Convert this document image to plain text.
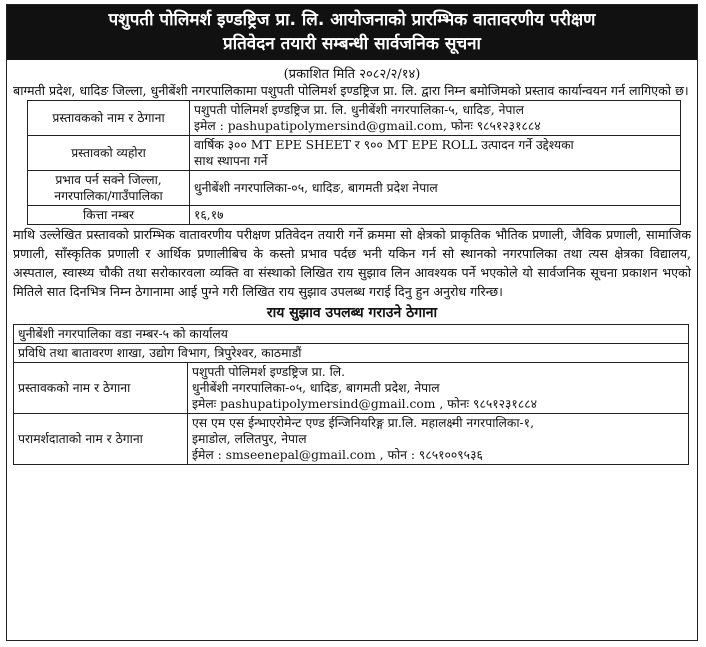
पशुपती पोलिमर्श इण्डष्ट्रिज प्रा. लि. आयोजनाको प्रारम्भिक वातावरणीय परीक्षण
प्रतिवेदन तयारी सम्बन्धी सार्वजनिक सूचना
(प्रकाशित मिति २०८२/२/१४)
बाग्मती प्रदेश, धादिङ जिल्ला, धुनीबेंशी नगरपालिकामा पशुपती पोलिमर्श इण्डष्ट्रिज प्रा. लि. द्वारा निम्न बमोजिमको प्रस्ताव कार्यान्वयन गर्न लागिएको छ।
प्रस्तावकको नाम र ठेगाना	पशुपती पोलिमर्श इण्डष्ट्रिज प्रा. लि. धुनीबेंशी नगरपालिका-५, धादिङ, नेपाल
इमेल : pashupatipolymersind@gmail.com, फोनः ९८५१२३१८८४

प्रस्तावको व्यहोरा	वार्षिक ३०० MT EPE SHEET र ९०० MT EPE ROLL उत्पादन गर्ने उद्देश्यका
साथ स्थापना गर्ने

प्रभाव पर्न सक्ने जिल्ला, नगरपालिका/गाउँपालिका	धुनीबेंशी नगरपालिका-०५, धादिङ, बागमती प्रदेश नेपाल
कित्ता नम्बर	१६,१७
माथि उल्लेखित प्रस्तावको प्रारम्भिक वातावरणीय परीक्षण प्रतिवेदन तयारी गर्ने क्रममा सो क्षेत्रको प्राकृतिक भौतिक प्रणाली, जैविक प्रणाली, सामाजिक प्रणाली, साँस्कृतिक प्रणाली र आर्थिक प्रणालीबिच के कस्तो प्रभाव पर्दछ भनी यकिन गर्न सो स्थानको नगरपालिका तथा त्यस क्षेत्रका विद्यालय, अस्पताल, स्वास्थ्य चौकी तथा सरोकारवला व्यक्ति वा संस्थाको लिखित राय सुझाव लिन आवश्यक पर्ने भएकोले यो सार्वजनिक सूचना प्रकाशन भएको मितिले सात दिनभित्र निम्न ठेगानामा आई पुग्ने गरी लिखित राय सुझाव उपलब्ध गराई दिनु हुन अनुरोध गरिन्छ।
राय सुझाव उपलब्ध गराउने ठेगाना
धुनीबेंशी नगरपालिका वडा नम्बर-५ को कार्यालय	
प्रविधि तथा बातावरण शाखा, उद्योग विभाग, त्रिपुरेश्वर, काठमाडौं	
प्रस्तावकको नाम र ठेगाना	पशुपती पोलिमर्श इण्डष्ट्रिज प्रा. लि.
धुनीबेंशी नगरपालिका-०५, धादिङ, बागमती प्रदेश, नेपाल
इमेलः pashupatipolymersind@gmail.com , फोनः ९८५१२३१८८४

परामर्शदाताको नाम र ठेगाना	एस एम एस ईन्भाएरोमेन्ट एण्ड ईन्जिनियरिङ्ग प्रा.लि. महालक्ष्मी नगरपालिका-१,
इमाडोल, ललितपुर, नेपाल
ईमेल : smseenepal@gmail.com , फोन : ९८५१००९५३६
